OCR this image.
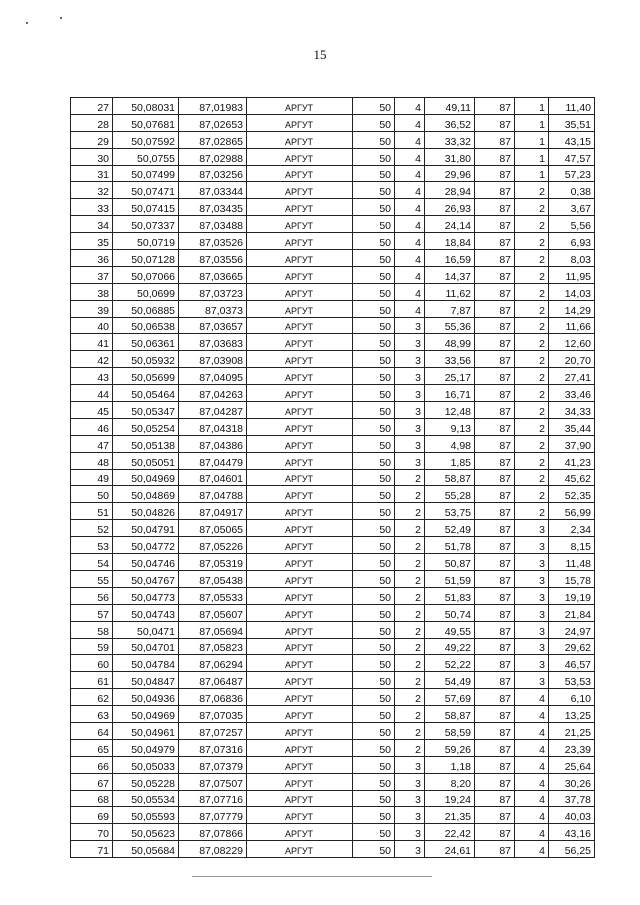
15
27	50,08031	87,01983	АРГУТ	50	4	49,11	87	1	11,40
28	50,07681	87,02653	АРГУТ	50	4	36,52	87	1	35,51
29	50,07592	87,02865	АРГУТ	50	4	33,32	87	1	43,15
30	50,0755	87,02988	АРГУТ	50	4	31,80	87	1	47,57
31	50,07499	87,03256	АРГУТ	50	4	29,96	87	1	57,23
32	50,07471	87,03344	АРГУТ	50	4	28,94	87	2	0,38
33	50,07415	87,03435	АРГУТ	50	4	26,93	87	2	3,67
34	50,07337	87,03488	АРГУТ	50	4	24,14	87	2	5,56
35	50,0719	87,03526	АРГУТ	50	4	18,84	87	2	6,93
36	50,07128	87,03556	АРГУТ	50	4	16,59	87	2	8,03
37	50,07066	87,03665	АРГУТ	50	4	14,37	87	2	11,95
38	50,0699	87,03723	АРГУТ	50	4	11,62	87	2	14,03
39	50,06885	87,0373	АРГУТ	50	4	7,87	87	2	14,29
40	50,06538	87,03657	АРГУТ	50	3	55,36	87	2	11,66
41	50,06361	87,03683	АРГУТ	50	3	48,99	87	2	12,60
42	50,05932	87,03908	АРГУТ	50	3	33,56	87	2	20,70
43	50,05699	87,04095	АРГУТ	50	3	25,17	87	2	27,41
44	50,05464	87,04263	АРГУТ	50	3	16,71	87	2	33,46
45	50,05347	87,04287	АРГУТ	50	3	12,48	87	2	34,33
46	50,05254	87,04318	АРГУТ	50	3	9,13	87	2	35,44
47	50,05138	87,04386	АРГУТ	50	3	4,98	87	2	37,90
48	50,05051	87,04479	АРГУТ	50	3	1,85	87	2	41,23
49	50,04969	87,04601	АРГУТ	50	2	58,87	87	2	45,62
50	50,04869	87,04788	АРГУТ	50	2	55,28	87	2	52,35
51	50,04826	87,04917	АРГУТ	50	2	53,75	87	2	56,99
52	50,04791	87,05065	АРГУТ	50	2	52,49	87	3	2,34
53	50,04772	87,05226	АРГУТ	50	2	51,78	87	3	8,15
54	50,04746	87,05319	АРГУТ	50	2	50,87	87	3	11,48
55	50,04767	87,05438	АРГУТ	50	2	51,59	87	3	15,78
56	50,04773	87,05533	АРГУТ	50	2	51,83	87	3	19,19
57	50,04743	87,05607	АРГУТ	50	2	50,74	87	3	21,84
58	50,0471	87,05694	АРГУТ	50	2	49,55	87	3	24,97
59	50,04701	87,05823	АРГУТ	50	2	49,22	87	3	29,62
60	50,04784	87,06294	АРГУТ	50	2	52,22	87	3	46,57
61	50,04847	87,06487	АРГУТ	50	2	54,49	87	3	53,53
62	50,04936	87,06836	АРГУТ	50	2	57,69	87	4	6,10
63	50,04969	87,07035	АРГУТ	50	2	58,87	87	4	13,25
64	50,04961	87,07257	АРГУТ	50	2	58,59	87	4	21,25
65	50,04979	87,07316	АРГУТ	50	2	59,26	87	4	23,39
66	50,05033	87,07379	АРГУТ	50	3	1,18	87	4	25,64
67	50,05228	87,07507	АРГУТ	50	3	8,20	87	4	30,26
68	50,05534	87,07716	АРГУТ	50	3	19,24	87	4	37,78
69	50,05593	87,07779	АРГУТ	50	3	21,35	87	4	40,03
70	50,05623	87,07866	АРГУТ	50	3	22,42	87	4	43,16
71	50,05684	87,08229	АРГУТ	50	3	24,61	87	4	56,25
